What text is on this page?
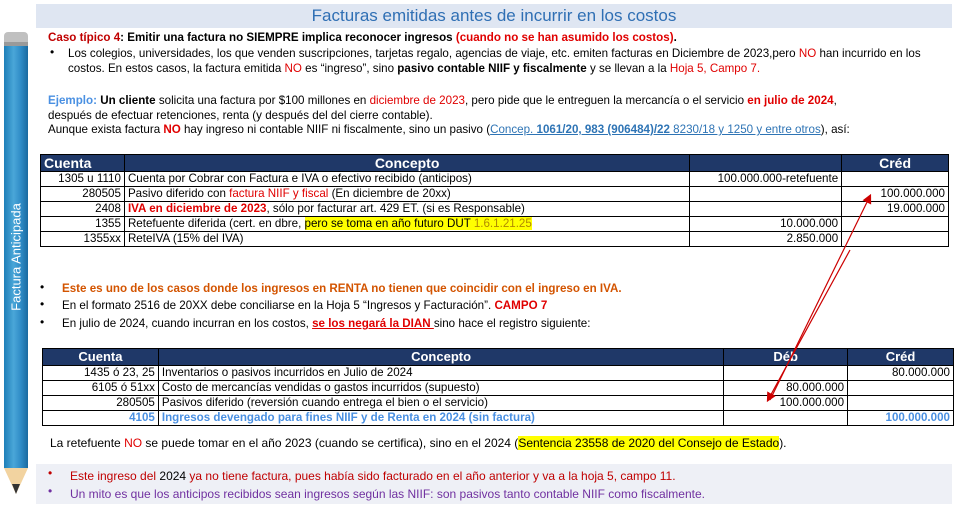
Factura Anticipada
Facturas emitidas antes de incurrir en los costos
Caso típico 4: Emitir una factura no SIEMPRE implica reconocer ingresos (cuando no se han asumido los costos).
• Los colegios, universidades, los que venden suscripciones, tarjetas regalo, agencias de viaje, etc. emiten facturas en Diciembre de 2023,pero NO han incurrido en los costos. En estos casos, la factura emitida NO es “ingreso”, sino pasivo contable NIIF y fiscalmente y se llevan a la Hoja 5, Campo 7.
Ejemplo: Un cliente solicita una factura por $100 millones en diciembre de 2023, pero pide que le entreguen la mercancía o el servicio en julio de 2024,
después de efectuar retenciones, renta (y después del del cierre contable).
Aunque exista factura NO hay ingreso ni contable NIIF ni fiscalmente, sino un pasivo (Concep. 1061/20, 983 (906484)/22 8230/18 y 1250 y entre otros), así:
Cuenta	Concepto		Créd
1305 u 1110	Cuenta por Cobrar con Factura e IVA o efectivo recibido (anticipos)	100.000.000-retefuente	
280505	Pasivo diferido con factura NIIF y fiscal (En diciembre de 20xx)		100.000.000
2408	IVA en diciembre de 2023, sólo por facturar art. 429 ET. (si es Responsable)		19.000.000
1355	Retefuente diferida (cert. en dbre, pero se toma en año futuro DUT 1.6.1.21.25	10.000.000	
1355xx	ReteIVA (15% del IVA)	2.850.000	
• Este es uno de los casos donde los ingresos en RENTA no tienen que coincidir con el ingreso en IVA.
• En el formato 2516 de 20XX debe conciliarse en la Hoja 5 “Ingresos y Facturación”. CAMPO 7
• En julio de 2024, cuando incurran en los costos, se los negará la DIAN sino hace el registro siguiente:
Cuenta	Concepto	Déb	Créd
1435 ó 23, 25	Inventarios o pasivos incurridos en Julio de 2024		80.000.000
6105 ó 51xx	Costo de mercancías vendidas o gastos incurridos (supuesto)	80.000.000	
280505	Pasivos diferido (reversión cuando entrega el bien o el servicio)	100.000.000	
4105	Ingresos devengado para fines NIIF y de Renta en 2024 (sin factura)		100.000.000
La retefuente NO se puede tomar en el año 2023 (cuando se certifica), sino en el 2024 (Sentencia 23558 de 2020 del Consejo de Estado).
• Este ingreso del 2024 ya no tiene factura, pues había sido facturado en el año anterior y va a la hoja 5, campo 11.
• Un mito es que los anticipos recibidos sean ingresos según las NIIF: son pasivos tanto contable NIIF como fiscalmente.
